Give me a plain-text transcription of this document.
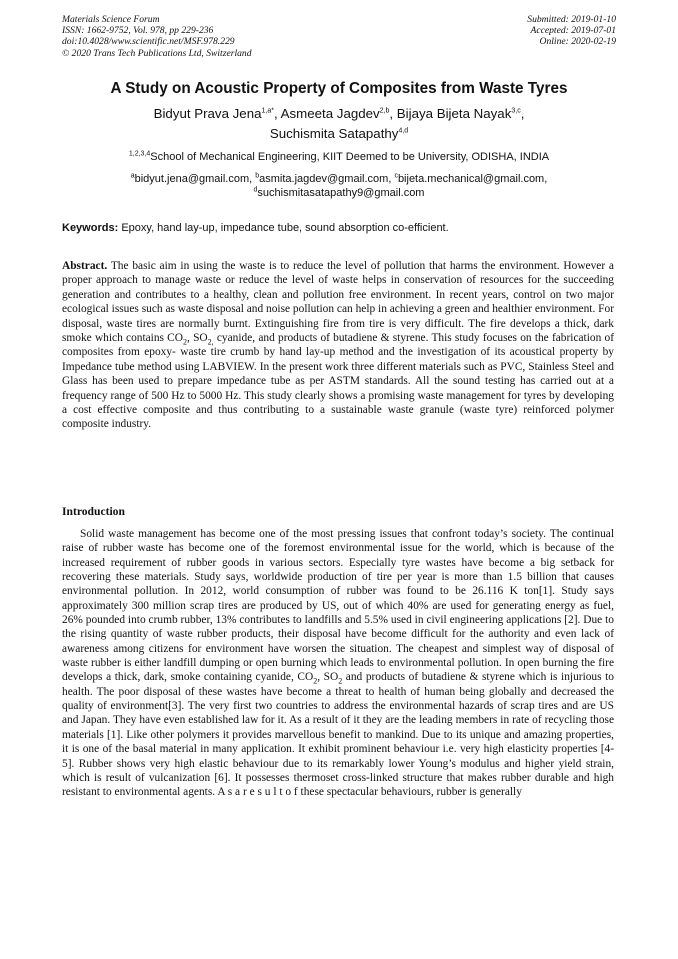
Materials Science Forum
ISSN: 1662-9752, Vol. 978, pp 229-236
doi:10.4028/www.scientific.net/MSF.978.229
© 2020 Trans Tech Publications Ltd, Switzerland
Submitted: 2019-01-10
Accepted: 2019-07-01
Online: 2020-02-19
A Study on Acoustic Property of Composites from Waste Tyres
Bidyut Prava Jena$^{1,a*}$, Asmeeta Jagdev$^{2,b}$, Bijaya Bijeta Nayak$^{3,c}$,
Suchismita Satapathy$^{4,d}$
$^{1,2,3,4}$School of Mechanical Engineering, KIIT Deemed to be University, ODISHA, INDIA
$^a$bidyut.jena@gmail.com, $^b$asmita.jagdev@gmail.com, $^c$bijeta.mechanical@gmail.com,
$^d$suchismitasatapathy9@gmail.com
Keywords: Epoxy, hand lay-up, impedance tube, sound absorption co-efficient.
Abstract. The basic aim in using the waste is to reduce the level of pollution that harms the environment. However a proper approach to manage waste or reduce the level of waste helps in conservation of resources for the succeeding generation and contributes to a healthy, clean and pollution free environment. In recent years, control on two major ecological issues such as waste disposal and noise pollution can help in achieving a green and healthier environment. For disposal, waste tires are normally burnt. Extinguishing fire from tire is very difficult. The fire develops a thick, dark smoke which contains $CO_2$, $SO_{2,}$ cyanide, and products of butadiene & styrene. This study focuses on the fabrication of composites from epoxy- waste tire crumb by hand lay-up method and the investigation of its acoustical property by Impedance tube method using LABVIEW. In the present work three different materials such as PVC, Stainless Steel and Glass has been used to prepare impedance tube as per ASTM standards. All the sound testing has carried out at a frequency range of 500 Hz to 5000 Hz. This study clearly shows a promising waste management for tyres by developing a cost effective composite and thus contributing to a sustainable waste granule (waste tyre) reinforced polymer composite industry.
Introduction
Solid waste management has become one of the most pressing issues that confront today’s society. The continual raise of rubber waste has become one of the foremost environmental issue for the world, which is because of the increased requirement of rubber goods in various sectors. Especially tyre wastes have become a big setback for recovering these materials. Study says, worldwide production of tire per year is more than 1.5 billion that causes environmental pollution. In 2012, world consumption of rubber was found to be 26.116 K ton[1]. Study says approximately 300 million scrap tires are produced by US, out of which 40% are used for generating energy as fuel, 26% pounded into crumb rubber, 13% contributes to landfills and 5.5% used in civil engineering applications [2]. Due to the rising quantity of waste rubber products, their disposal have become difficult for the authority and even lack of awareness among citizens for environment have worsen the situation. The cheapest and simplest way of disposal of waste rubber is either landfill dumping or open burning which leads to environmental pollution. In open burning the fire develops a thick, dark, smoke containing cyanide, $CO_2$, $SO_2$ and products of butadiene & styrene which is injurious to health. The poor disposal of these wastes have become a threat to health of human being globally and decreased the quality of environment[3]. The very first two countries to address the environmental hazards of scrap tires and are US and Japan. They have even established law for it. As a result of it they are the leading members in rate of recycling those materials [1]. Like other polymers it provides marvellous benefit to mankind. Due to its unique and amazing properties, it is one of the basal material in many application. It exhibit prominent behaviour i.e. very high elasticity properties [4-5]. Rubber shows very high elastic behaviour due to its remarkably lower Young’s modulus and higher yield strain, which is result of vulcanization [6]. It possesses thermoset cross-linked structure that makes rubber durable and high resistant to environmental agents. A s a r e s u l t o f these spectacular behaviours, rubber is generally
